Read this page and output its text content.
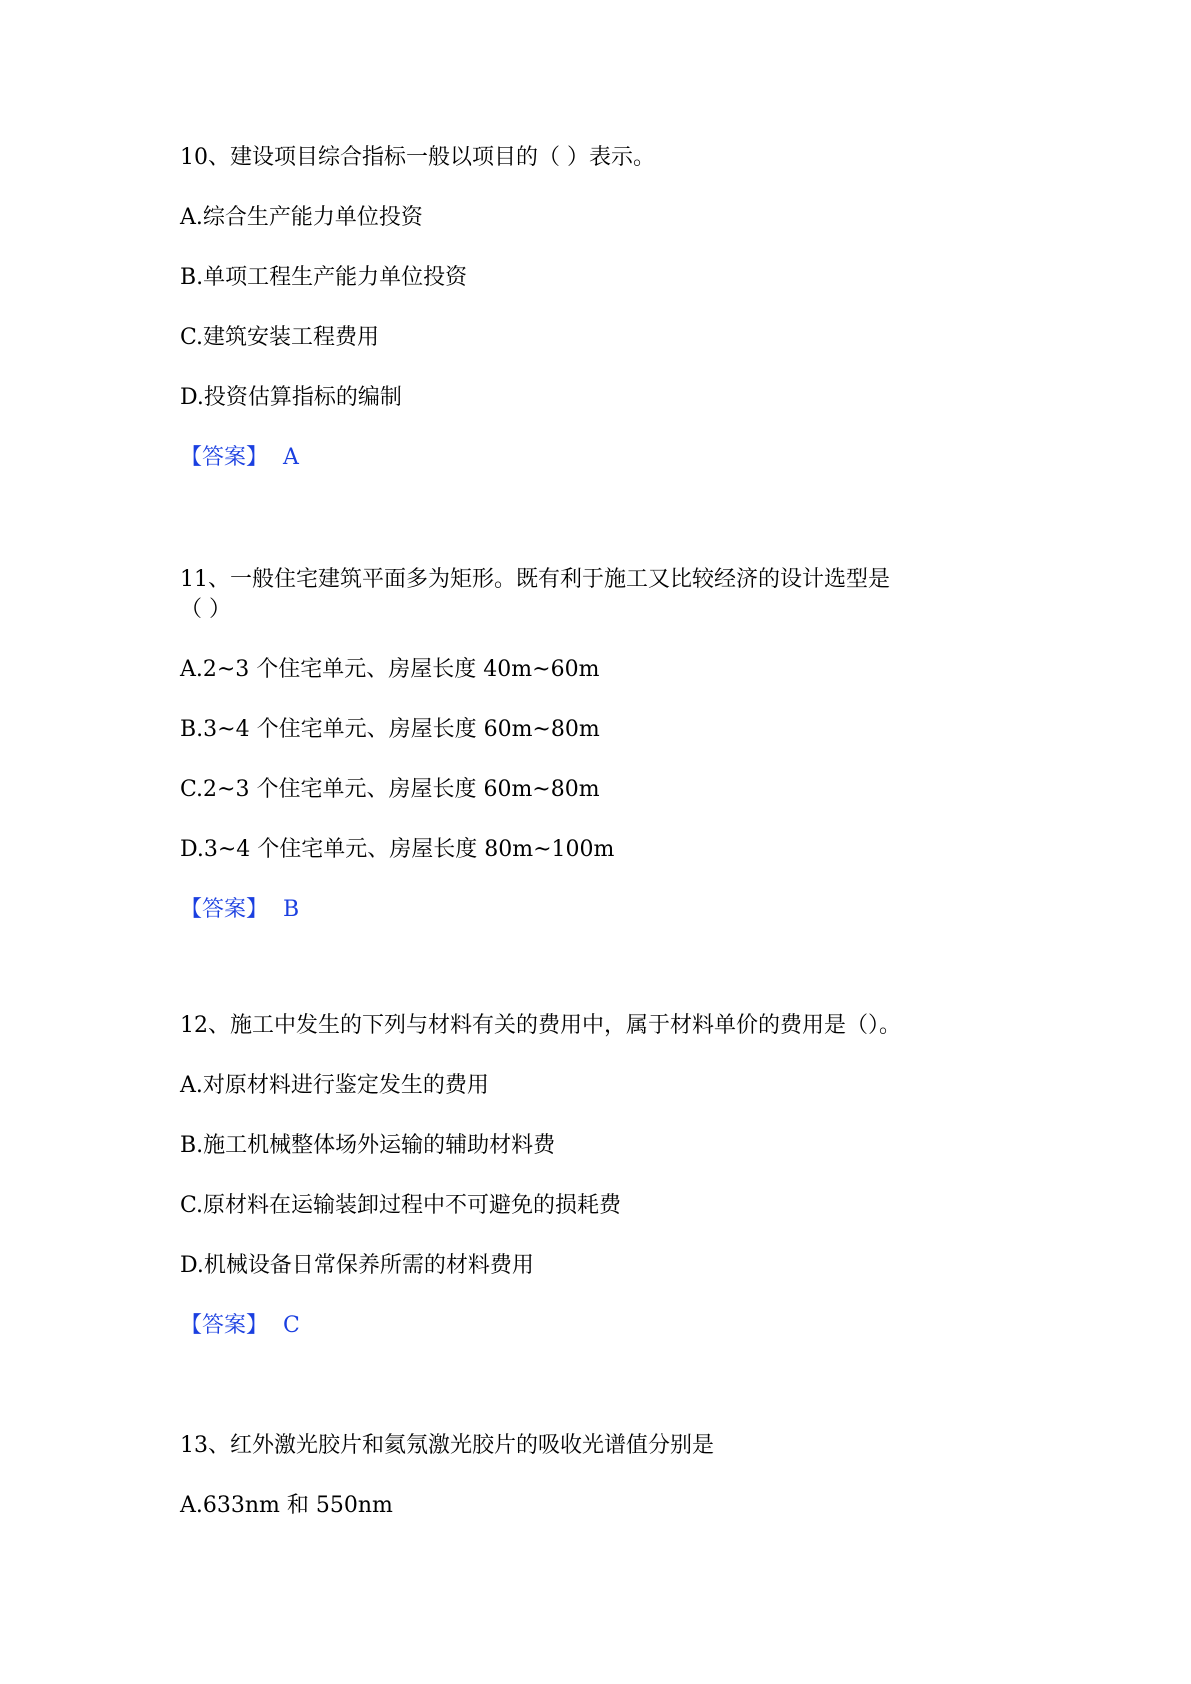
10、建设项目综合指标一般以项目的（ ）表示。
A.综合生产能力单位投资
B.单项工程生产能力单位投资
C.建筑安装工程费用
D.投资估算指标的编制
【答案】 A
11、一般住宅建筑平面多为矩形。既有利于施工又比较经济的设计选型是
（ ）
A.2~3 个住宅单元、房屋长度 40m~60m
B.3~4 个住宅单元、房屋长度 60m~80m
C.2~3 个住宅单元、房屋长度 60m~80m
D.3~4 个住宅单元、房屋长度 80m~100m
【答案】 B
12、施工中发生的下列与材料有关的费用中，属于材料单价的费用是（）。
A.对原材料进行鉴定发生的费用
B.施工机械整体场外运输的辅助材料费
C.原材料在运输装卸过程中不可避免的损耗费
D.机械设备日常保养所需的材料费用
【答案】 C
13、红外激光胶片和氦氖激光胶片的吸收光谱值分别是
A.633nm 和 550nm
